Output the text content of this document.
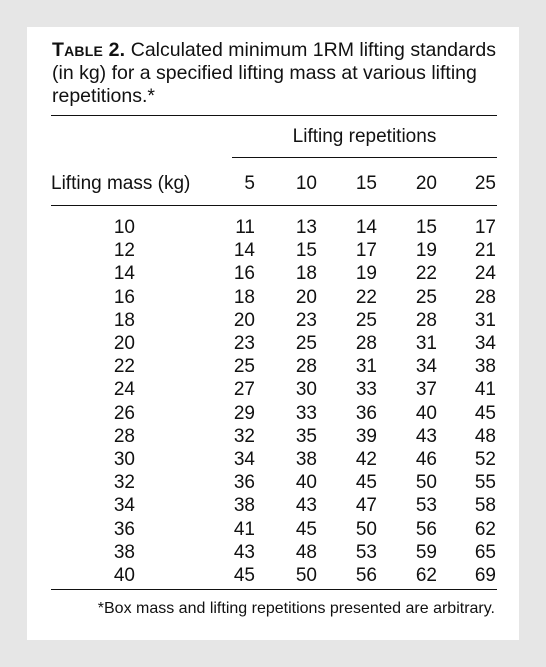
Table 2. Calculated minimum 1RM lifting standards (in kg) for a specified lifting mass at various lifting repetitions.*
Lifting repetitions
Lifting mass (kg)	5	10	15	20	25
10	11	13	14	15	17
12	14	15	17	19	21
14	16	18	19	22	24
16	18	20	22	25	28
18	20	23	25	28	31
20	23	25	28	31	34
22	25	28	31	34	38
24	27	30	33	37	41
26	29	33	36	40	45
28	32	35	39	43	48
30	34	38	42	46	52
32	36	40	45	50	55
34	38	43	47	53	58
36	41	45	50	56	62
38	43	48	53	59	65
40	45	50	56	62	69
*Box mass and lifting repetitions presented are arbitrary.
